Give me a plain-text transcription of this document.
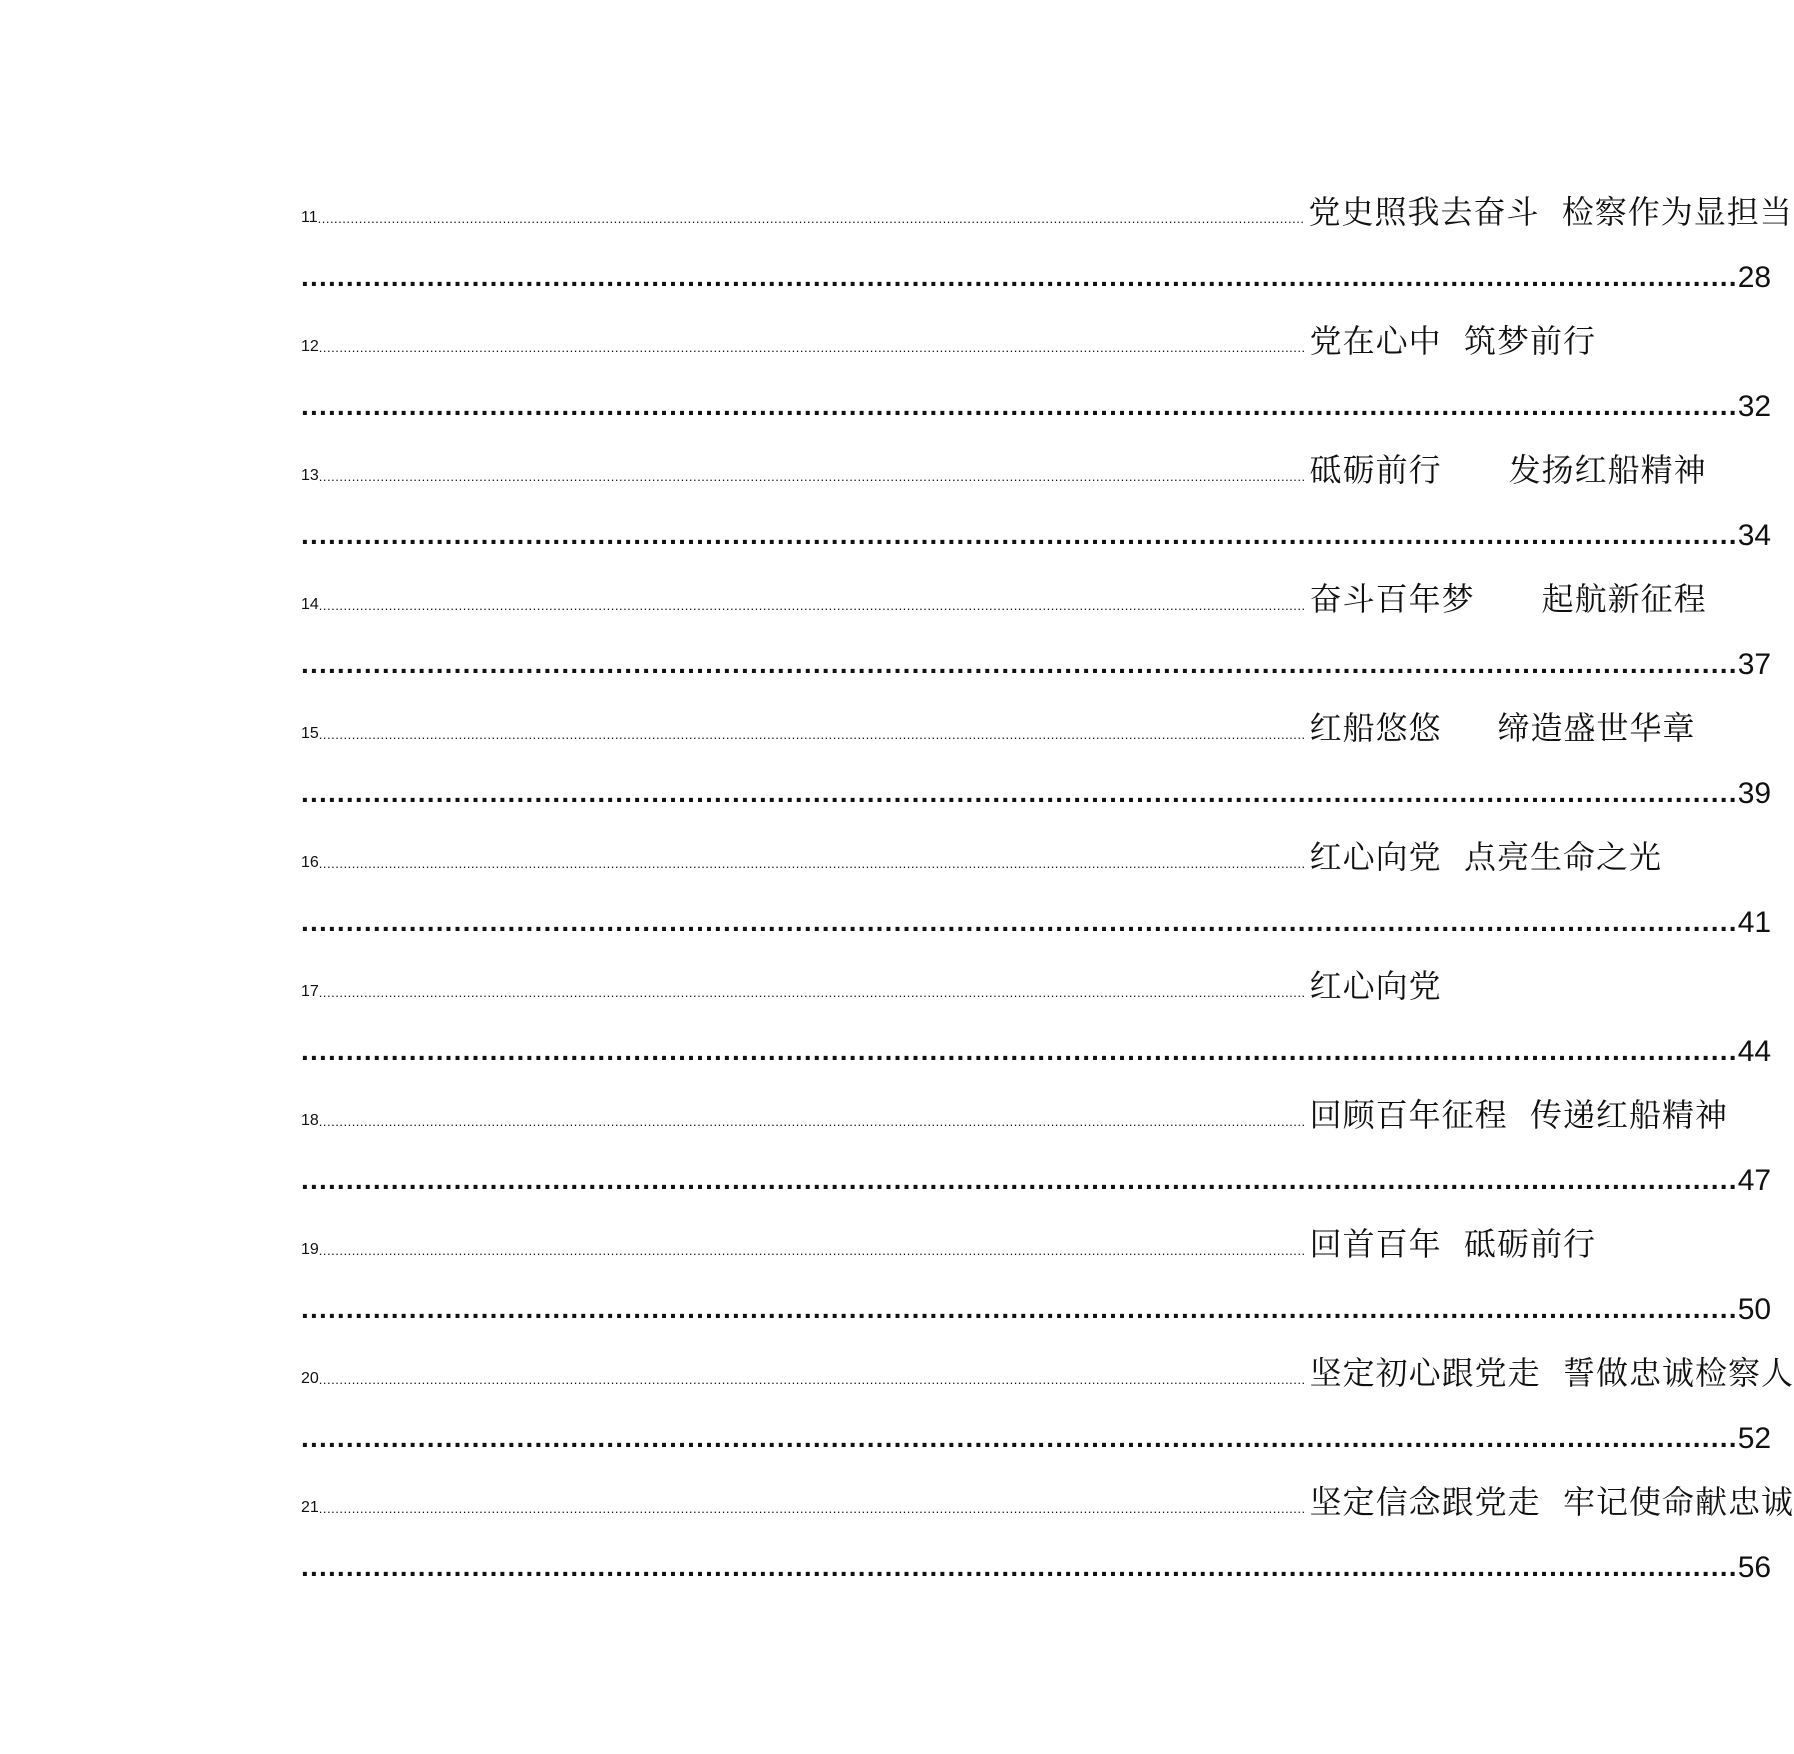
11 ................................................................................................................................................................................................................................................ 党史照我去奋斗  检察作为显担当
................................................................................................................................................................ 28
12 ................................................................................................................................................................................................................................................ 党在心中  筑梦前行
................................................................................................................................................................ 32
13 ................................................................................................................................................................................................................................................ 砥砺前行      发扬红船精神
................................................................................................................................................................ 34
14 ................................................................................................................................................................................................................................................ 奋斗百年梦      起航新征程
................................................................................................................................................................ 37
15 ................................................................................................................................................................................................................................................ 红船悠悠     缔造盛世华章
................................................................................................................................................................ 39
16 ................................................................................................................................................................................................................................................ 红心向党  点亮生命之光
................................................................................................................................................................ 41
17 ................................................................................................................................................................................................................................................ 红心向党
................................................................................................................................................................ 44
18 ................................................................................................................................................................................................................................................ 回顾百年征程  传递红船精神
................................................................................................................................................................ 47
19 ................................................................................................................................................................................................................................................ 回首百年  砥砺前行
................................................................................................................................................................ 50
20 ................................................................................................................................................................................................................................................ 坚定初心跟党走  誓做忠诚检察人
................................................................................................................................................................ 52
21 ................................................................................................................................................................................................................................................ 坚定信念跟党走  牢记使命献忠诚
................................................................................................................................................................ 56
